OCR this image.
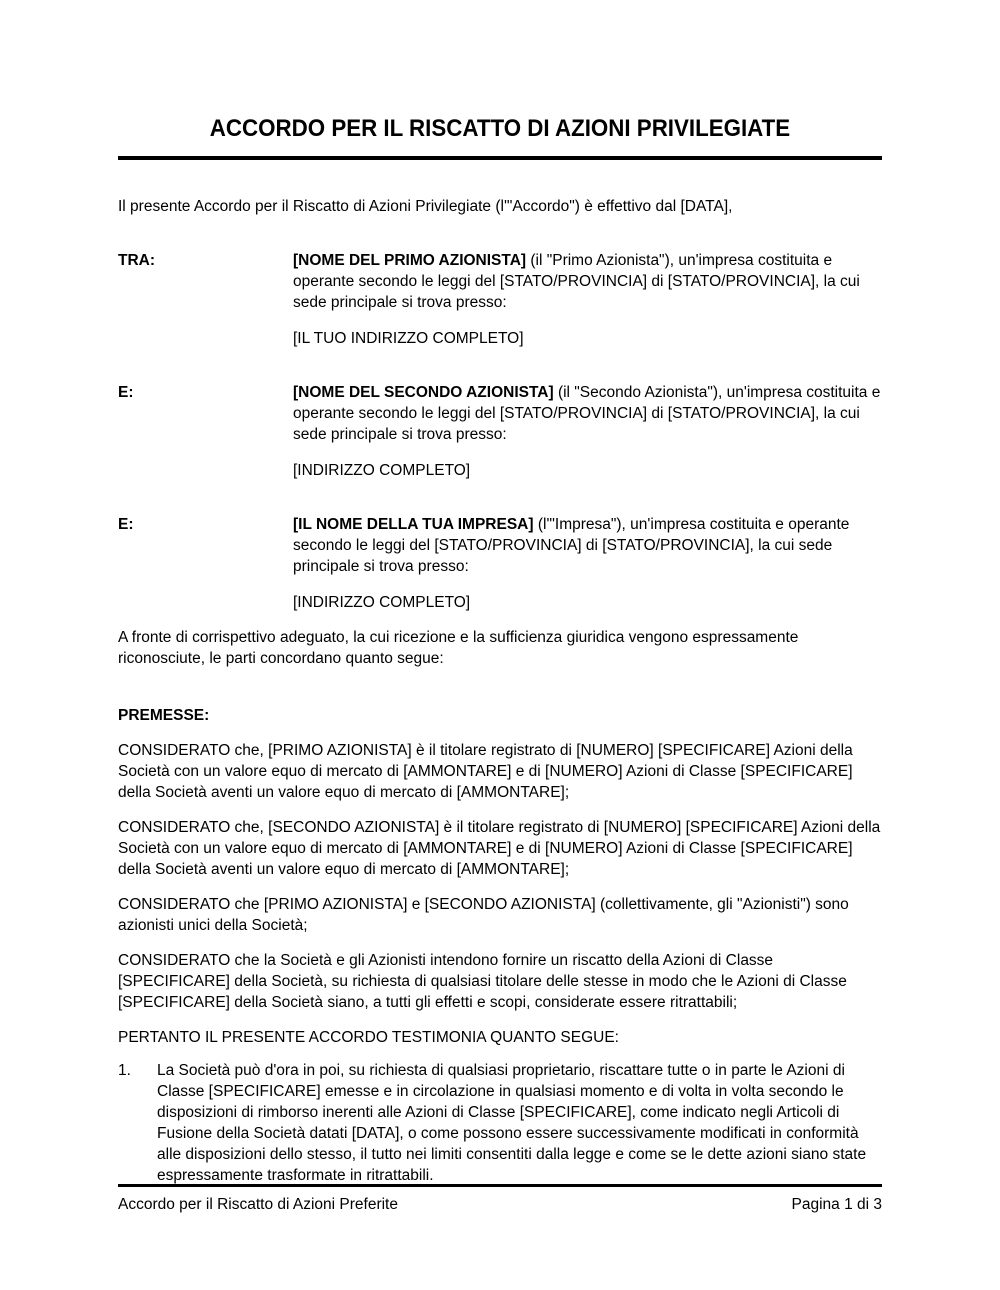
ACCORDO PER IL RISCATTO DI AZIONI PRIVILEGIATE

Il presente Accordo per il Riscatto di Azioni Privilegiate (l'"Accordo") è effettivo dal [DATA],

TRA:	[NOME DEL PRIMO AZIONISTA] (il "Primo Azionista"), un'impresa costituita e operante secondo le leggi del [STATO/PROVINCIA] di [STATO/PROVINCIA], la cui sede principale si trova presso:

[IL TUO INDIRIZZO COMPLETO]

E:	[NOME DEL SECONDO AZIONISTA] (il "Secondo Azionista"), un'impresa costituita e operante secondo le leggi del [STATO/PROVINCIA] di [STATO/PROVINCIA], la cui sede principale si trova presso:

[INDIRIZZO COMPLETO]

E:	[IL NOME DELLA TUA IMPRESA] (l'"Impresa"), un'impresa costituita e operante secondo le leggi del [STATO/PROVINCIA] di [STATO/PROVINCIA], la cui sede principale si trova presso:

[INDIRIZZO COMPLETO]

A fronte di corrispettivo adeguato, la cui ricezione e la sufficienza giuridica vengono espressamente riconosciute, le parti concordano quanto segue:

PREMESSE:

CONSIDERATO che, [PRIMO AZIONISTA] è il titolare registrato di [NUMERO] [SPECIFICARE] Azioni della Società con un valore equo di mercato di [AMMONTARE] e di [NUMERO] Azioni di Classe [SPECIFICARE] della Società aventi un valore equo di mercato di [AMMONTARE];

CONSIDERATO che, [SECONDO AZIONISTA] è il titolare registrato di [NUMERO] [SPECIFICARE] Azioni della Società con un valore equo di mercato di [AMMONTARE] e di [NUMERO] Azioni di Classe [SPECIFICARE] della Società aventi un valore equo di mercato di [AMMONTARE];

CONSIDERATO che [PRIMO AZIONISTA] e [SECONDO AZIONISTA] (collettivamente, gli "Azionisti") sono azionisti unici della Società;

CONSIDERATO che la Società e gli Azionisti intendono fornire un riscatto della Azioni di Classe [SPECIFICARE] della Società, su richiesta di qualsiasi titolare delle stesse in modo che le Azioni di Classe [SPECIFICARE] della Società siano, a tutti gli effetti e scopi, considerate essere ritrattabili;

PERTANTO IL PRESENTE ACCORDO TESTIMONIA QUANTO SEGUE:

1.	La Società può d'ora in poi, su richiesta di qualsiasi proprietario, riscattare tutte o in parte le Azioni di Classe [SPECIFICARE] emesse e in circolazione in qualsiasi momento e di volta in volta secondo le disposizioni di rimborso inerenti alle Azioni di Classe [SPECIFICARE], come indicato negli Articoli di Fusione della Società datati [DATA], o come possono essere successivamente modificati in conformità alle disposizioni dello stesso, il tutto nei limiti consentiti dalla legge e come se le dette azioni siano state espressamente trasformate in ritrattabili.
Accordo per il Riscatto di Azioni Preferite	Pagina 1 di 3
